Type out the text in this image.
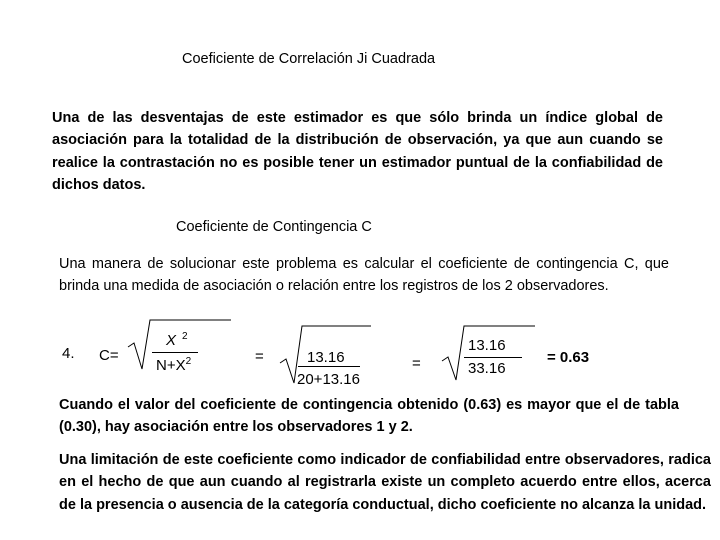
Coeficiente de Correlación Ji Cuadrada
Una de las desventajas de este estimador es que sólo brinda un índice global de asociación para la totalidad de la distribución de observación, ya que aun cuando se realice la contrastación no es posible tener un estimador puntual de la confiabilidad de dichos datos.
Coeficiente de Contingencia C
Una manera de solucionar este problema es calcular el coeficiente de contingencia C, que brinda una medida de asociación o relación entre los registros de los 2 observadores.
4. C=
X $^2$
$N+X^2$	=	13.16
20+13.16
=
13.16
33.16
= 0.63
Cuando el valor del coeficiente de contingencia obtenido (0.63) es mayor que el de tabla (0.30), hay asociación entre los observadores 1 y 2.
Una limitación de este coeficiente como indicador de confiabilidad entre observadores, radica en el hecho de que aun cuando al registrarla existe un completo acuerdo entre ellos, acerca de la presencia o ausencia de la categoría conductual, dicho coeficiente no alcanza la unidad.
